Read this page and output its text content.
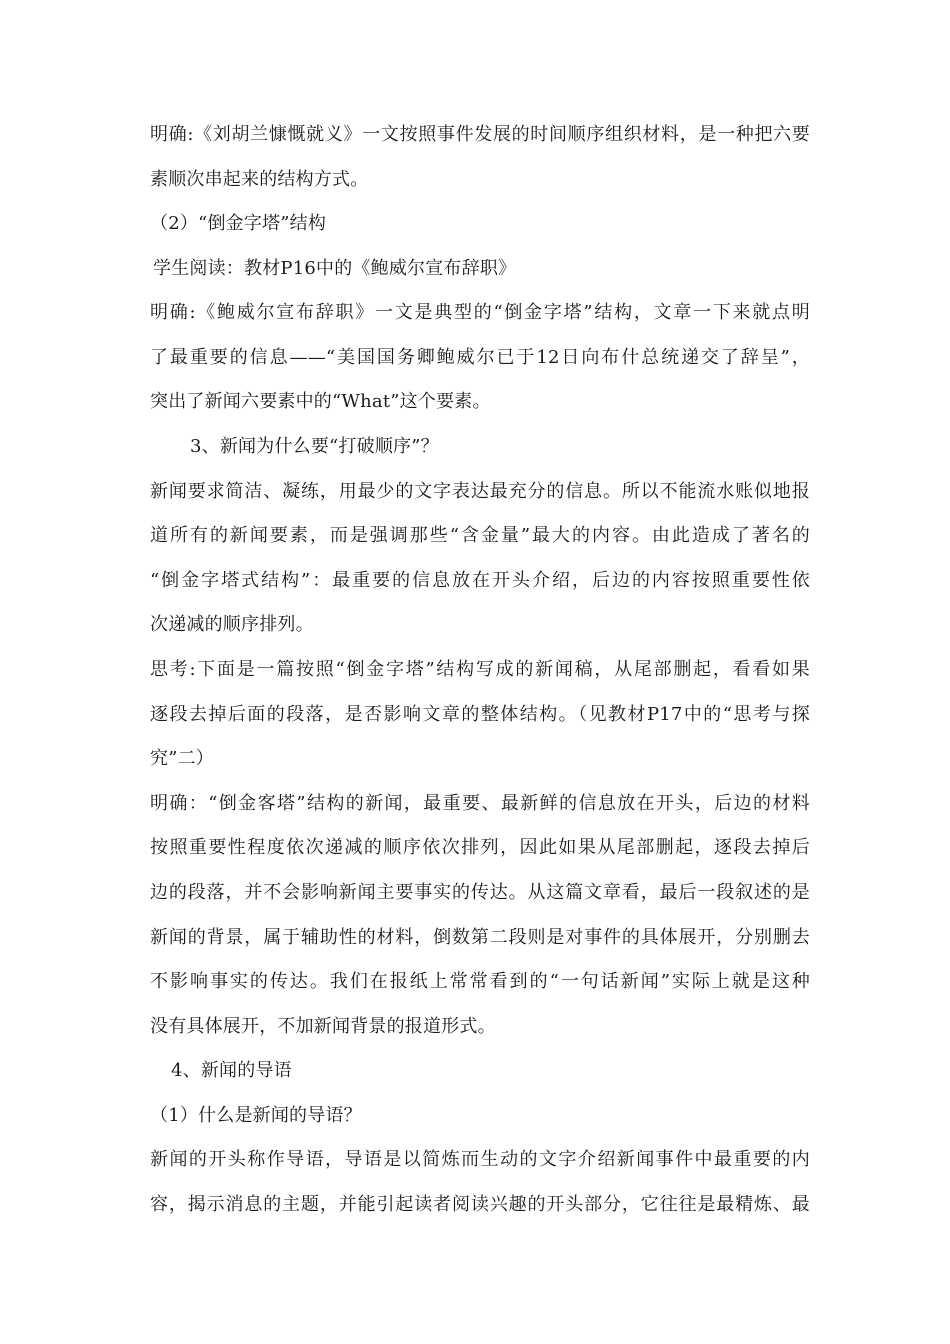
明确:《刘胡兰慷慨就义》一文按照事件发展的时间顺序组织材料，是一种把六要
素顺次串起来的结构方式。
（2）“倒金字塔”结构
学生阅读：教材P16中的《鲍威尔宣布辞职》
明确:《鲍威尔宣布辞职》一文是典型的“倒金字塔”结构，文章一下来就点明
了最重要的信息——“美国国务卿鲍威尔已于12日向布什总统递交了辞呈”，
突出了新闻六要素中的“What”这个要素。
3、新闻为什么要“打破顺序”？
新闻要求简洁、凝练，用最少的文字表达最充分的信息。所以不能流水账似地报
道所有的新闻要素，而是强调那些“含金量”最大的内容。由此造成了著名的
“倒金字塔式结构”：最重要的信息放在开头介绍，后边的内容按照重要性依
次递减的顺序排列。
思考:下面是一篇按照“倒金字塔”结构写成的新闻稿，从尾部删起，看看如果
逐段去掉后面的段落，是否影响文章的整体结构。（见教材P17中的“思考与探
究”二）
明确：“倒金客塔”结构的新闻，最重要、最新鲜的信息放在开头，后边的材料
按照重要性程度依次递减的顺序依次排列，因此如果从尾部删起，逐段去掉后
边的段落，并不会影响新闻主要事实的传达。从这篇文章看，最后一段叙述的是
新闻的背景，属于辅助性的材料，倒数第二段则是对事件的具体展开，分别删去
不影响事实的传达。我们在报纸上常常看到的“一句话新闻”实际上就是这种
没有具体展开，不加新闻背景的报道形式。
4、新闻的导语
（1）什么是新闻的导语？
新闻的开头称作导语，导语是以简炼而生动的文字介绍新闻事件中最重要的内
容，揭示消息的主题，并能引起读者阅读兴趣的开头部分，它往往是最精炼、最
